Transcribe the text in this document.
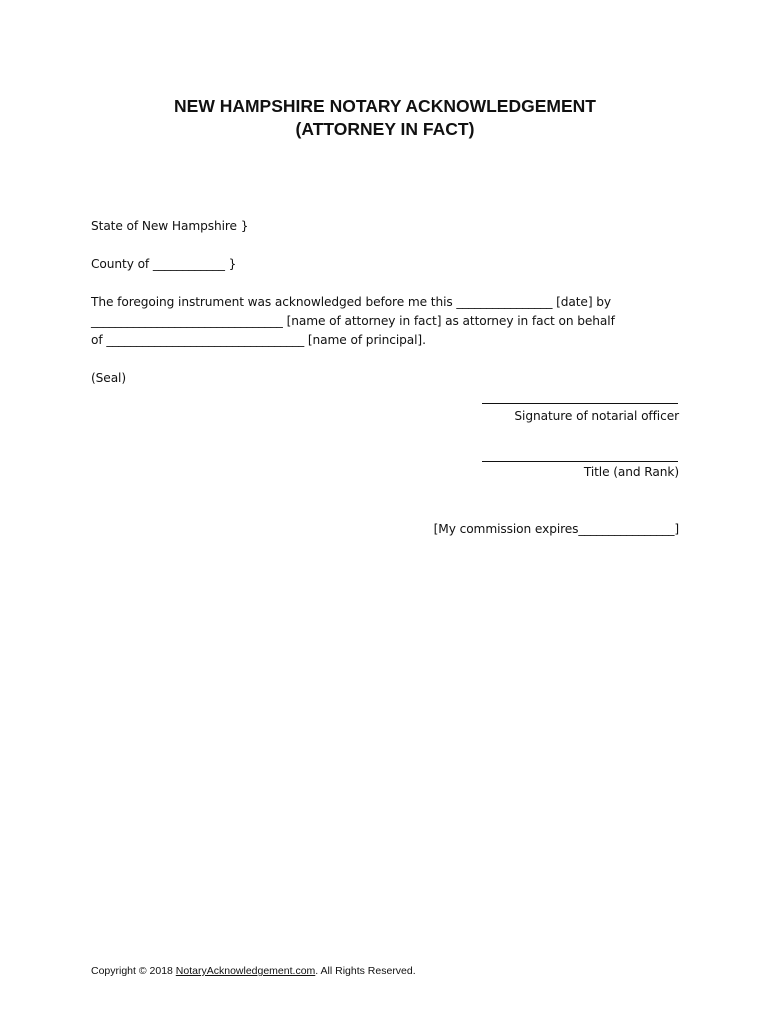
NEW HAMPSHIRE NOTARY ACKNOWLEDGEMENT
(ATTORNEY IN FACT)
State of New Hampshire }
County of ____________ }
The foregoing instrument was acknowledged before me this ________________ [date] by
________________________________ [name of attorney in fact] as attorney in fact on behalf
of _________________________________ [name of principal].
(Seal)
Signature of notarial officer
Title (and Rank)
[My commission expires________________]
Copyright © 2018 NotaryAcknowledgement.com. All Rights Reserved.
